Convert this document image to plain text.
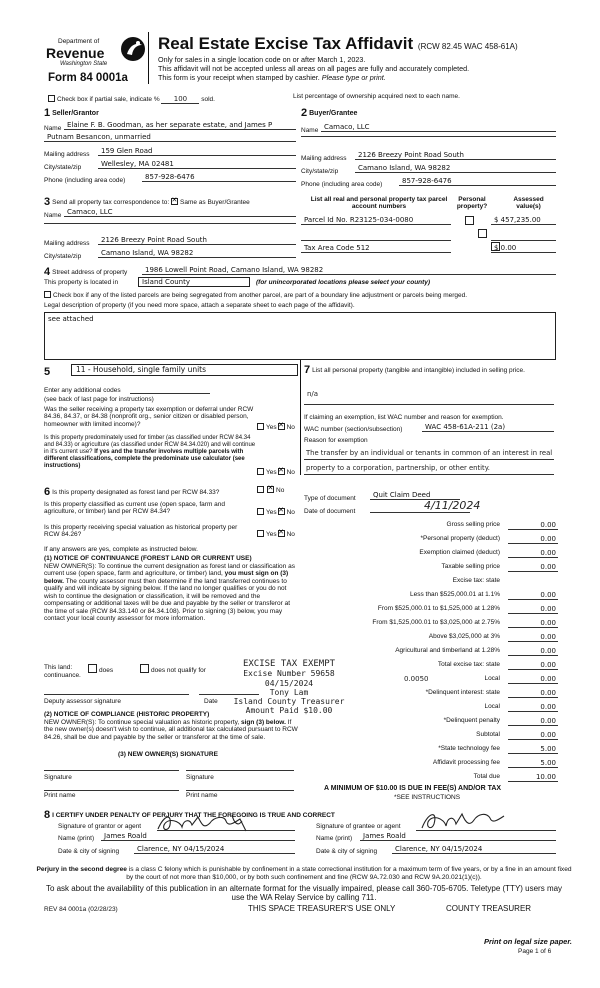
Department of
Revenue
Washington State
Form 84 0001a
Real Estate Excise Tax Affidavit (RCW 82.45 WAC 458-61A)
Only for sales in a single location code on or after March 1, 2023.
This affidavit will not be accepted unless all areas on all pages are fully and accurately completed.
This form is your receipt when stamped by cashier. Please type or print.
Check box if partial sale, indicate % 100 sold.	List percentage of ownership acquired next to each name.
1 Seller/Grantor
Name Elaine F. B. Goodman, as her separate estate, and James P
Putnam Besancon, unmarried
Mailing address	159 Glen Road
City/state/zip	Wellesley, MA 02481
Phone (including area code)	857-928-6476
2 Buyer/Grantee
Name Camaco, LLC
Mailing address	2126 Breezy Point Road South
City/state/zip	Camano Island, WA 98282
Phone (including area code)	857-928-6476
3 Send all property tax correspondence to: ✕ Same as Buyer/Grantee
Name Camaco, LLC
Mailing address	2126 Breezy Point Road South
City/state/zip	Camano Island, WA 98282
List all real and personal property tax parcel account numbers
Personal property?
Assessed value(s)
Parcel Id No. R23125-034-0080
	$ 457,235.00

Tax Area Code 512	$ 0.00
4 Street address of property	1986 Lowell Point Road, Camano Island, WA 98282
This property is located in	Island County	(for unincorporated locations please select your county)
Check box if any of the listed parcels are being segregated from another parcel, are part of a boundary line adjustment or parcels being merged.
Legal description of property (if you need more space, attach a separate sheet to each page of the affidavit).
see attached
5	11 - Household, single family units
Enter any additional codes
(see back of last page for instructions)
Was the seller receiving a property tax exemption or deferral under RCW 84.36, 84.37, or 84.38 (nonprofit org., senior citizen or disabled person, homeowner with limited income)?	Yes ✕ No
Is this property predominately used for timber (as classified under RCW 84.34 and 84.33) or agriculture (as classified under RCW 84.34.020) and will continue in it's current use? If yes and the transfer involves multiple parcels with different classifications, complete the predominate use calculator (see instructions)
Yes ✕ No
6 Is this property designated as forest land per RCW 84.33? ✕	No
Is this property classified as current use (open space, farm and agriculture, or timber) land per RCW 84.34?	Yes ✕ No
Is this property receiving special valuation as historical property per RCW 84.26?	Yes ✕ No
If any answers are yes, complete as instructed below.
(1) NOTICE OF CONTINUANCE (FOREST LAND OR CURRENT USE)
NEW OWNER(S): To continue the current designation as forest land or classification as current use (open space, farm and agriculture, or timber) land, you must sign on (3) below. The county assessor must then determine if the land transferred continues to qualify and will indicate by signing below. If the land no longer qualifies or you do not wish to continue the designation or classification, it will be removed and the compensating or additional taxes will be due and payable by the seller or transferor at the time of sale (RCW 84.33.140 or 84.34.108). Prior to signing (3) below, you may contact your local county assessor for more information.
This land:
continuance.
does	does not qualify for
Deputy assessor signature	Date
(2) NOTICE OF COMPLIANCE (HISTORIC PROPERTY)
NEW OWNER(S): To continue special valuation as historic property, sign (3) below. If the new owner(s) doesn't wish to continue, all additional tax calculated pursuant to RCW 84.26, shall be due and payable by the seller or transferor at the time of sale.
(3) NEW OWNER(S) SIGNATURE
Signature	Signature
Print name	Print name
7 List all personal property (tangible and intangible) included in selling price.
n/a
If claiming an exemption, list WAC number and reason for exemption.
WAC number (section/subsection)	WAC 458-61A-211 (2a)
Reason for exemption
The transfer by an individual or tenants in common of an interest in real
property to a corporation, partnership, or other entity.
Type of document	Quit Claim Deed
Date of document	4/11/2024
Gross selling price	0.00
*Personal property (deduct)	0.00
Exemption claimed (deduct)	0.00
Taxable selling price	0.00
Excise tax: state
Less than $525,000.01 at 1.1%	0.00
From $525,000.01 to $1,525,000 at 1.28%	0.00
From $1,525,000.01 to $3,025,000 at 2.75%	0.00
Above $3,025,000 at 3%	0.00
Agricultural and timberland at 1.28%	0.00
Total excise tax: state	0.00
0.0050	Local	0.00
*Delinquent interest: state	0.00
Local	0.00
*Delinquent penalty	0.00
Subtotal	0.00
*State technology fee	5.00
Affidavit processing fee	5.00
Total due	10.00
A MINIMUM OF $10.00 IS DUE IN FEE(S) AND/OR TAX
*SEE INSTRUCTIONS
EXCISE TAX EXEMPT
Excise Number 59658
04/15/2024
Tony Lam
Island County Treasurer
Amount Paid $10.00
8 I CERTIFY UNDER PENALTY OF PERJURY THAT THE FOREGOING IS TRUE AND CORRECT
Signature of grantor or agent
Name (print)	James Roald
Date & city of signing	Clarence, NY 04/15/2024
Signature of grantee or agent
Name (print)	James Roald
Date & city of signing	Clarence, NY 04/15/2024
Perjury in the second degree is a class C felony which is punishable by confinement in a state correctional institution for a maximum term of five years, or by a fine in an amount fixed by the court of not more than $10,000, or by both such confinement and fine (RCW 9A.72.030 and RCW 9A.20.021(1)(c)).
To ask about the availability of this publication in an alternate format for the visually impaired, please call 360-705-6705. Teletype (TTY) users may use the WA Relay Service by calling 711.
REV 84 0001a (02/28/23)	THIS SPACE TREASURER'S USE ONLY	COUNTY TREASURER
Print on legal size paper.
Page 1 of 6
